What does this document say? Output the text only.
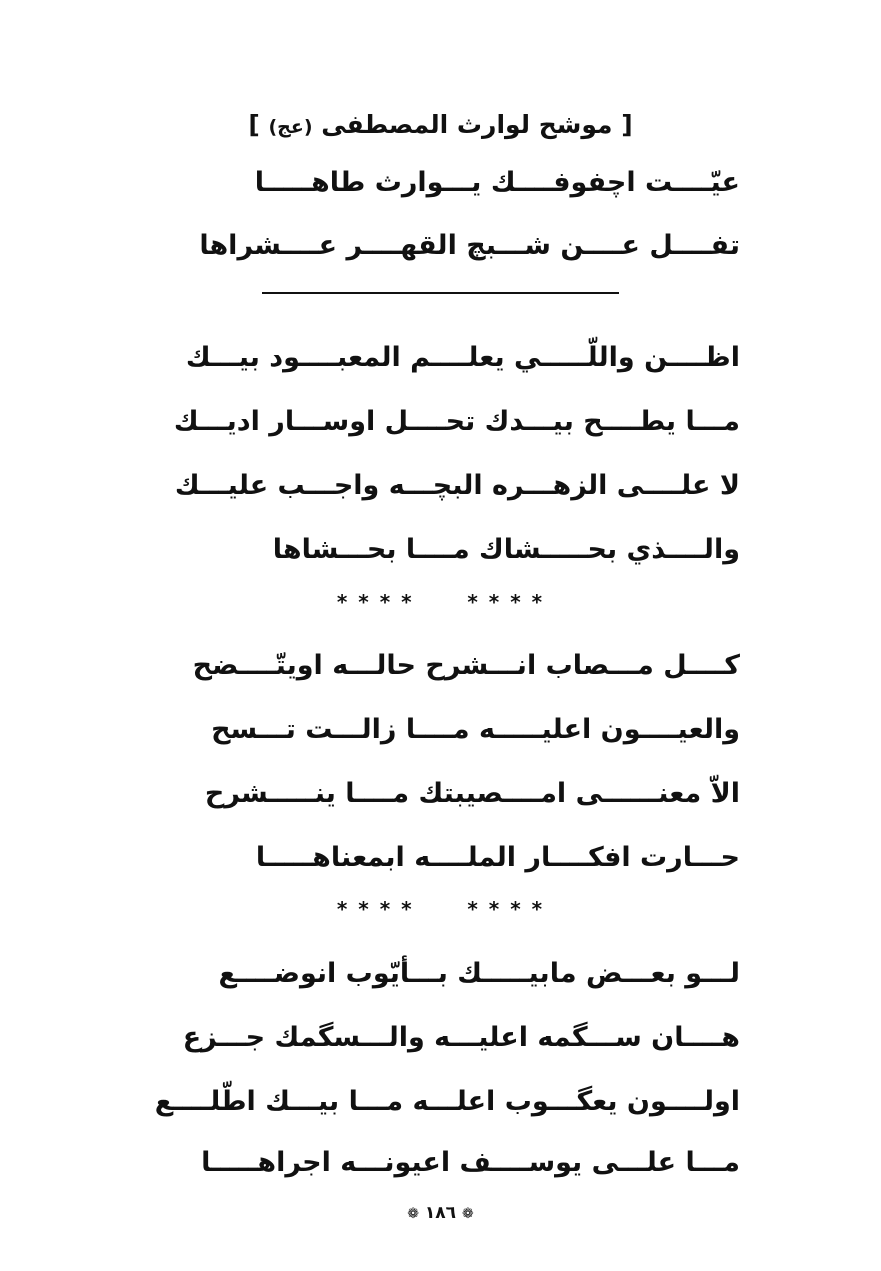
[ موشح لوارث المصطفى (عج) ]
عيّــــت اچفوفــــك يـــوارث طاهـــــا
تفــــل عــــن شـــبچ القهــــر عــــشراها
اظــــن واللّـــــي يعلــــم المعبــــود بيـــك
مـــا يطــــح بيـــدك تحــــل اوســـار اديـــك
لا علــــى الزهـــره البچـــه واجـــب عليـــك
والــــذي بحـــــشاك مــــا بحـــشاها
* * * *      * * * *
كــــل مـــصاب انـــشرح حالـــه اويتّــــضح
والعيــــون اعليـــــه مــــا زالـــت تـــسح
الاّ معنــــــى امــــصيبتك مــــا ينـــــشرح
حـــارت افكــــار الملــــه ابمعناهـــــا
* * * *      * * * *
لـــو بعـــض مابيـــــك بـــأيّوب انوضــــع
هــــان ســـگمه اعليـــه والـــسگمك جـــزع
اولــــون يعگـــوب اعلـــه مـــا بيـــك اطّلــــع
مـــا علـــى يوســــف اعيونـــه اجراهـــــا
❁ ١٨٦ ❁
